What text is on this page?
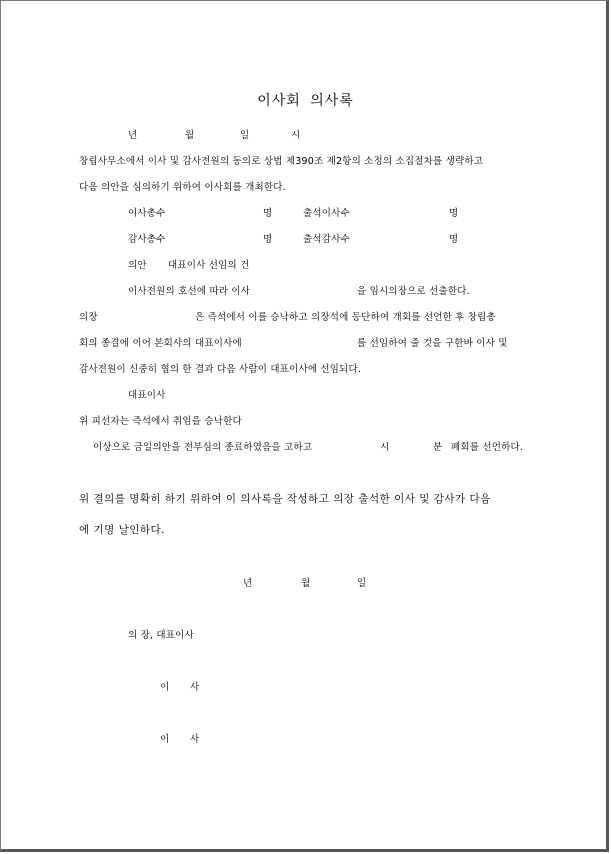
이사회 의사록
년	월	일	시
창립사무소에서 이사 및 감사전원의 동의로 상법 제390조 제2항의 소정의 소집절차를 생략하고
다음 의안을 심의하기 위하여 이사회를 개최한다.
이사총수	명	출석이사수	명
감사총수	명	출석감사수	명
의안 대표이사 선임의 건
이사전원의 호선에 따라 이사	을 임시의장으로 선출한다.
의장	은 즉석에서 이를 승낙하고 의장석에 등단하여 개회를 선언한 후 창립총
회의 종결에 이어 본회사의 대표이사에	를 선임하여 줄 것을 구한바 이사 및
감사전원이 신중히 협의 한 결과 다음 사람이 대표이사에 선임되다.
대표이사
위 피선자는 즉석에서 취임을 승낙한다
이상으로 금일의안을 전부심의 종료하였음을 고하고	시	분 폐회를 선언하다.
위 결의를 명확히 하기 위하여 이 의사록을 작성하고 의장 출석한 이사 및 감사가 다음
에 기명 날인하다.
년	월	일
의 장, 대표이사
이 사
이 사
